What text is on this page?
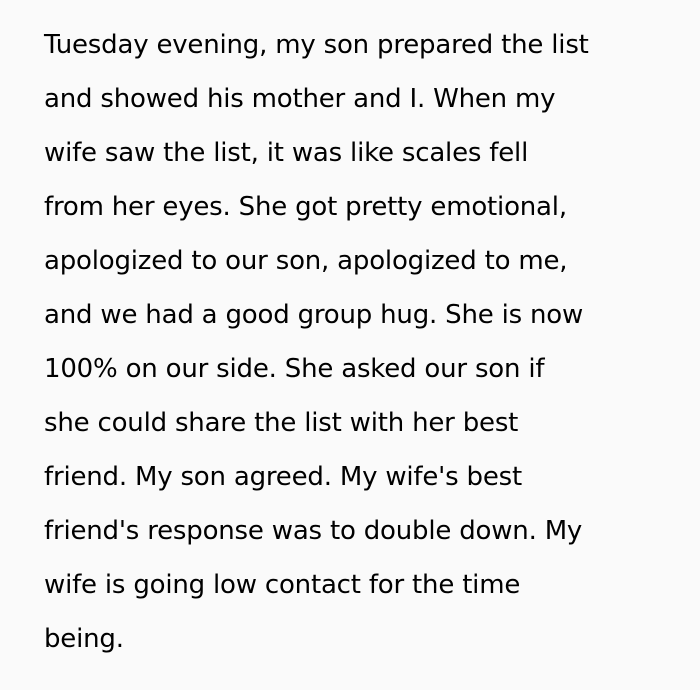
Tuesday evening, my son prepared the list
and showed his mother and I. When my
wife saw the list, it was like scales fell
from her eyes. She got pretty emotional,
apologized to our son, apologized to me,
and we had a good group hug. She is now
100% on our side. She asked our son if
she could share the list with her best
friend. My son agreed. My wife's best
friend's response was to double down. My
wife is going low contact for the time
being.
